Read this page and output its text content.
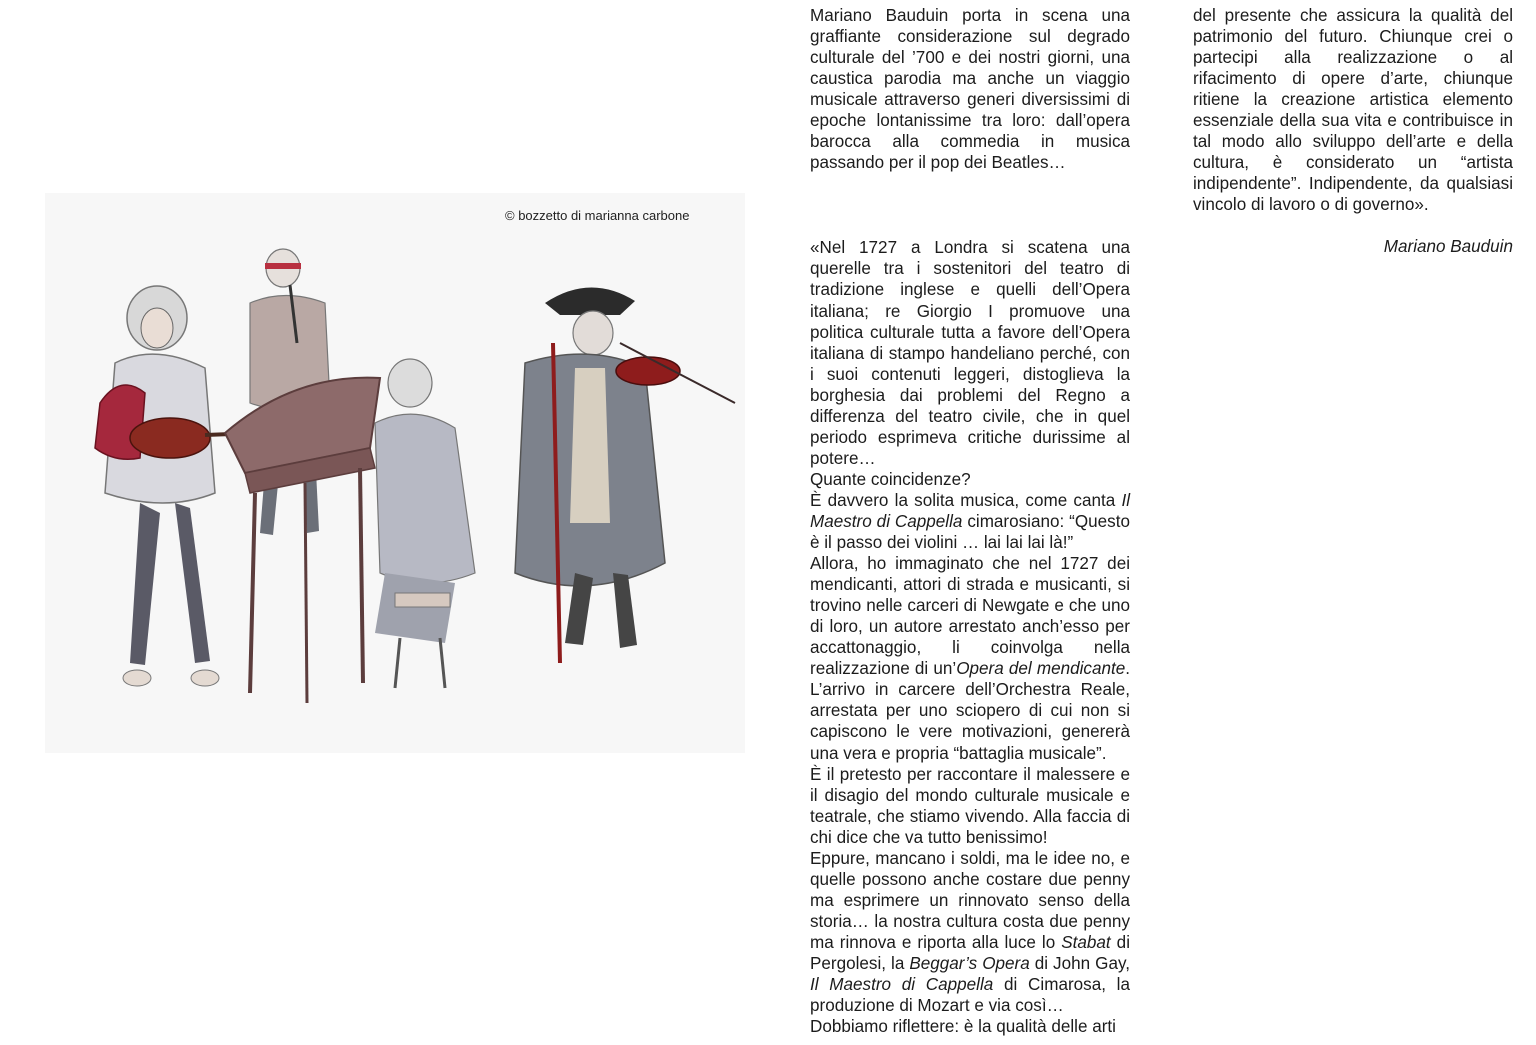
© bozzetto di marianna carbone

Mariano Bauduin porta in scena una graffiante considerazione sul degrado culturale del ’700 e dei nostri giorni, una caustica parodia ma anche un viaggio musicale attraverso generi diversissimi di epoche lontanissime tra loro: dall’opera barocca alla commedia in musica passando per il pop dei Beatles…

«Nel 1727 a Londra si scatena una querelle tra i sostenitori del teatro di tradizione inglese e quelli dell’Opera italiana; re Giorgio I promuove una politica culturale tutta a favore dell’Opera italiana di stampo handeliano perché, con i suoi contenuti leggeri, distoglieva la borghesia dai problemi del Regno a differenza del teatro civile, che in quel periodo esprimeva critiche durissime al potere…

Quante coincidenze?

È davvero la solita musica, come canta Il Maestro di Cappella cimarosiano: “Questo è il passo dei violini … lai lai lai là!”

Allora, ho immaginato che nel 1727 dei mendicanti, attori di strada e musicanti, si trovino nelle carceri di Newgate e che uno di loro, un autore arrestato anch’esso per accattonaggio, li coinvolga nella realizzazione di un’Opera del mendicante. L’arrivo in carcere dell’Orchestra Reale, arrestata per uno sciopero di cui non si capiscono le vere motivazioni, genererà una vera e propria “battaglia musicale”.

È il pretesto per raccontare il malessere e il disagio del mondo culturale musicale e teatrale, che stiamo vivendo. Alla faccia di chi dice che va tutto benissimo!

Eppure, mancano i soldi, ma le idee no, e quelle possono anche costare due penny ma esprimere un rinnovato senso della storia… la nostra cultura costa due penny ma rinnova e riporta alla luce lo Stabat di Pergolesi, la Beggar’s Opera di John Gay, Il Maestro di Cappella di Cimarosa, la produzione di Mozart e via così…

Dobbiamo riflettere: è la qualità delle arti

del presente che assicura la qualità del patrimonio del futuro. Chiunque crei o partecipi alla realizzazione o al rifacimento di opere d’arte, chiunque ritiene la creazione artistica elemento essenziale della sua vita e contribuisce in tal modo allo sviluppo dell’arte e della cultura, è considerato un “artista indipendente”. Indipendente, da qualsiasi vincolo di lavoro o di governo».

Mariano Bauduin
